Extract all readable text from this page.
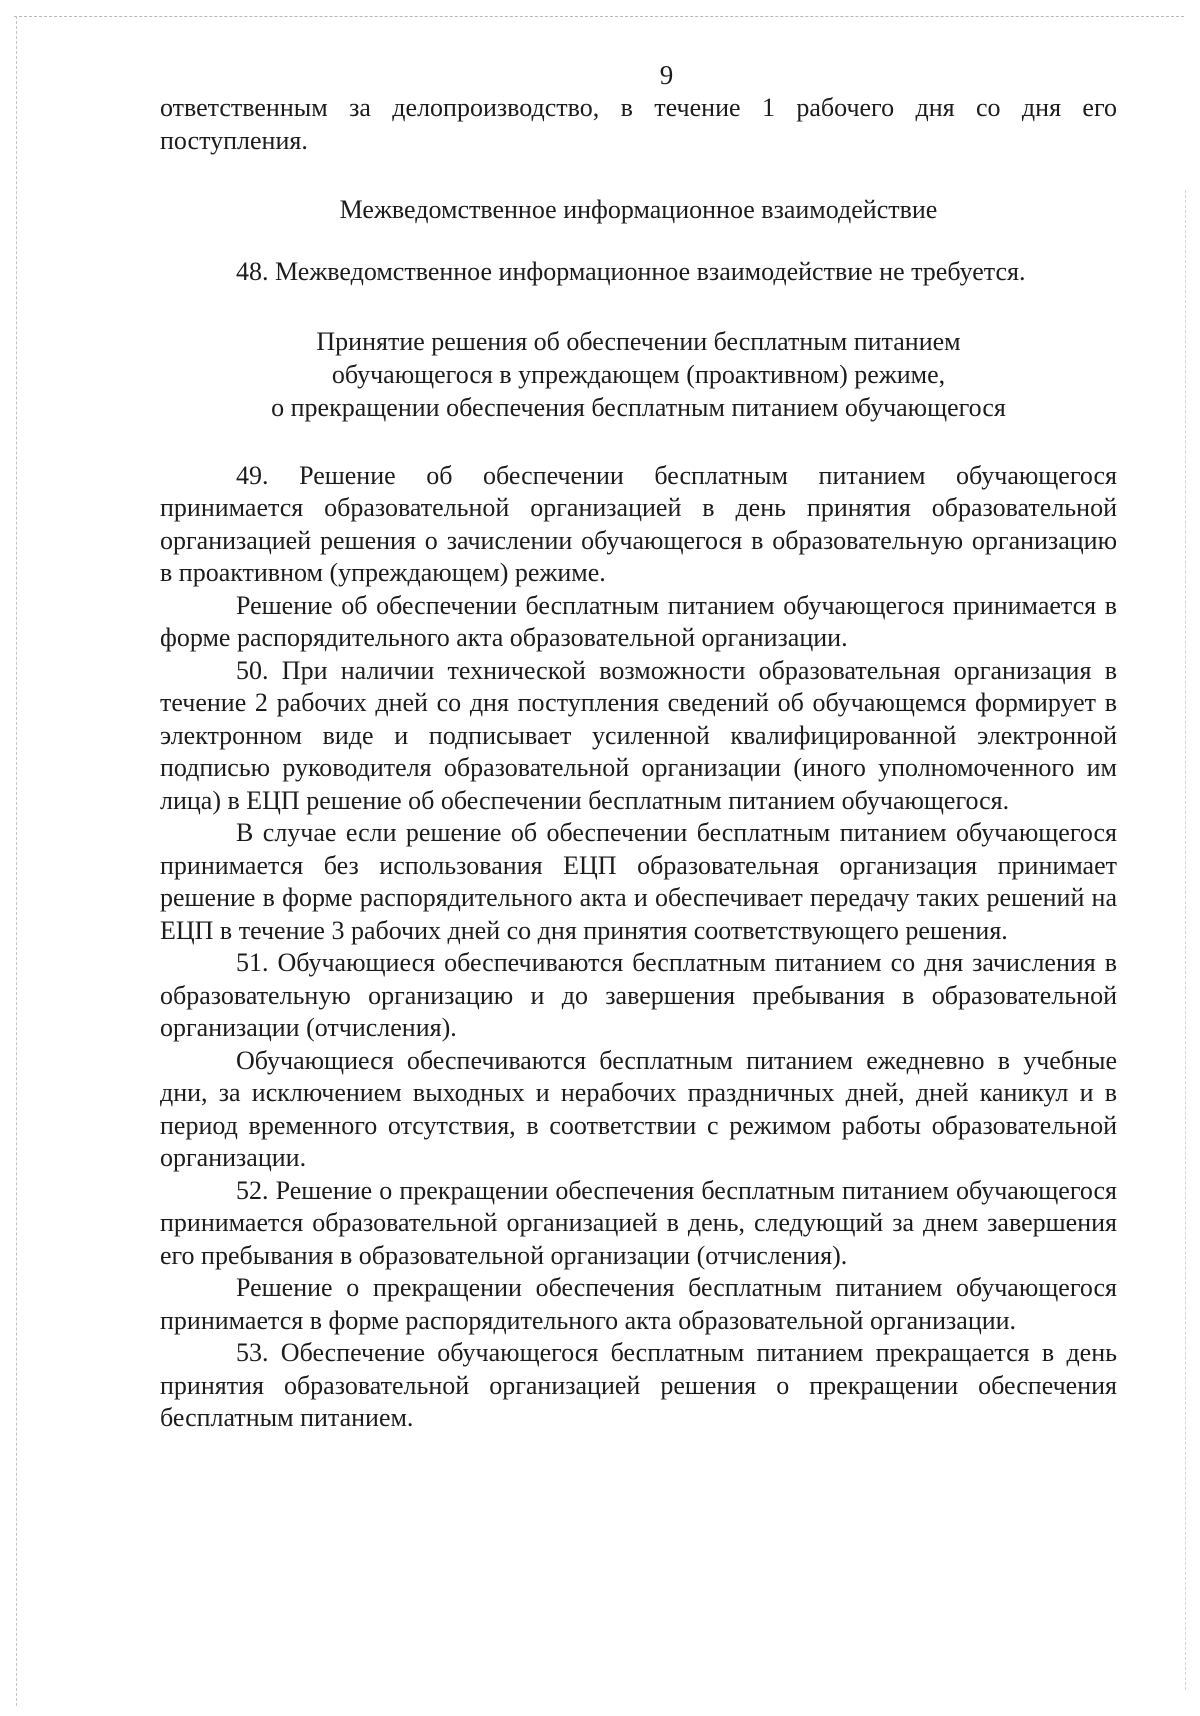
9

ответственным за делопроизводство, в течение 1 рабочего дня со дня его поступления.

Межведомственное информационное взаимодействие

48. Межведомственное информационное взаимодействие не требуется.

Принятие решения об обеспечении бесплатным питанием
обучающегося в упреждающем (проактивном) режиме,
о прекращении обеспечения бесплатным питанием обучающегося

49. Решение об обеспечении бесплатным питанием обучающегося принимается образовательной организацией в день принятия образовательной организацией решения о зачислении обучающегося в образовательную организацию в проактивном (упреждающем) режиме.

Решение об обеспечении бесплатным питанием обучающегося принимается в форме распорядительного акта образовательной организации.

50. При наличии технической возможности образовательная организация в течение 2 рабочих дней со дня поступления сведений об обучающемся формирует в электронном виде и подписывает усиленной квалифицированной электронной подписью руководителя образовательной организации (иного уполномоченного им лица) в ЕЦП решение об обеспечении бесплатным питанием обучающегося.

В случае если решение об обеспечении бесплатным питанием обучающегося принимается без использования ЕЦП образовательная организация принимает решение в форме распорядительного акта и обеспечивает передачу таких решений на ЕЦП в течение 3 рабочих дней со дня принятия соответствующего решения.

51. Обучающиеся обеспечиваются бесплатным питанием со дня зачисления в образовательную организацию и до завершения пребывания в образовательной организации (отчисления).

Обучающиеся обеспечиваются бесплатным питанием ежедневно в учебные дни, за исключением выходных и нерабочих праздничных дней, дней каникул и в период временного отсутствия, в соответствии с режимом работы образовательной организации.

52. Решение о прекращении обеспечения бесплатным питанием обучающегося принимается образовательной организацией в день, следующий за днем завершения его пребывания в образовательной организации (отчисления).

Решение о прекращении обеспечения бесплатным питанием обучающегося принимается в форме распорядительного акта образовательной организации.

53. Обеспечение обучающегося бесплатным питанием прекращается в день принятия образовательной организацией решения о прекращении обеспечения бесплатным питанием.
